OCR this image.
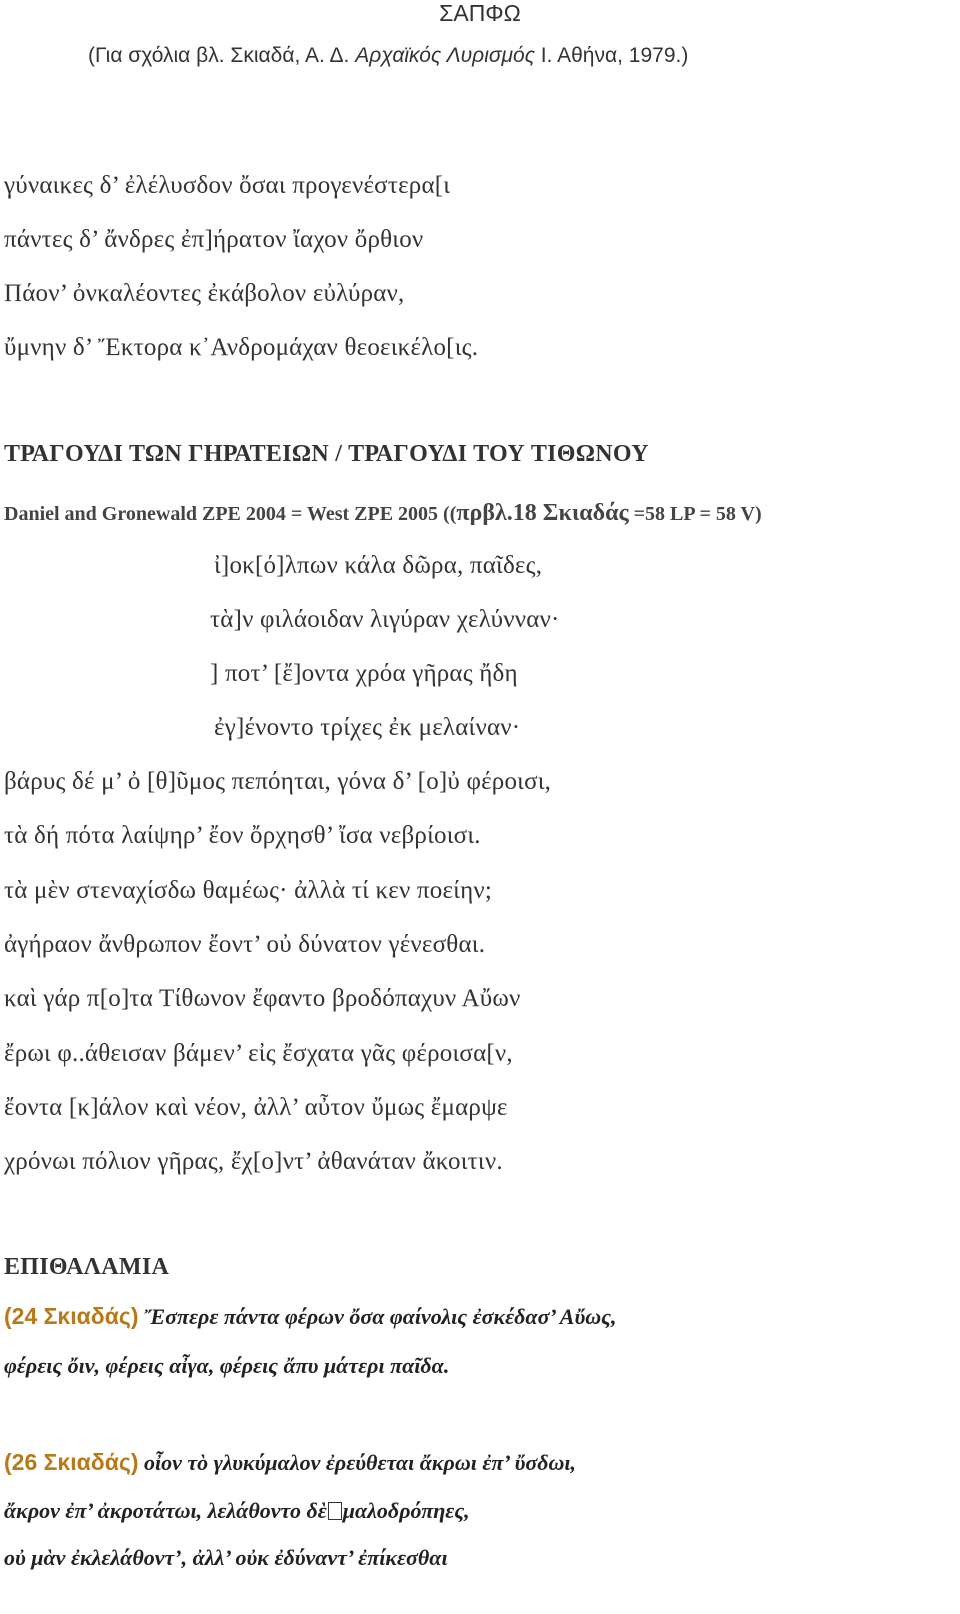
ΣΑΠΦΩ
(Για σχόλια βλ. Σκιαδά, Α. Δ. Αρχαϊκός Λυρισμός Ι. Αθήνα, 1979.)
γύναικες δ’ ἐλέλυσδον ὄσαι προγενέστερα[ι
πάντες δ’ ἄνδρες ἐπ]ήρατον ἴαχον ὄρθιον
Πάον’ ὀνκαλέοντες ἐκάβολον εὐλύραν,
ὔμνην δ’ Ἔκτορα κ᾿Ανδρομάχαν θεοεικέλο[ις.
ΤΡΑΓΟΥΔΙ ΤΩΝ ΓΗΡΑΤΕΙΩΝ / ΤΡΑΓΟΥΔΙ ΤΟΥ ΤΙΘΩΝΟΥ
Daniel and Gronewald ZPE 2004 = West ZPE 2005 ((πρβλ.18 Σκιαδάς =58 LP = 58 V)
ἰ]οκ[ό]λπων κάλα δῶρα, παῖδες,
τὰ]ν φιλάοιδαν λιγύραν χελύνναν·
] ποτ’ [ἔ]οντα χρόα γῆρας ἤδη
ἐγ]ένοντο τρίχες ἐκ μελαίναν·
βάρυς δέ μ’ ὀ [θ]ῦμος πεπόηται, γόνα δ’ [ο]ὐ φέροισι,
τὰ δή πότα λαίψηρ’ ἔον ὄρχησθ’ ἴσα νεβρίοισι.
τὰ μὲν στεναχίσδω θαμέως· ἀλλὰ τί κεν ποείην;
ἀγήραον ἄνθρωπον ἔοντ’ οὐ δύνατον γένεσθαι.
καὶ γάρ π[ο]τα Τίθωνον ἔφαντο βροδόπαχυν Αὔων
ἔρωι φ..άθεισαν βάμεν’ εἰς ἔσχατα γᾶς φέροισα[ν,
ἔοντα [κ]άλον καὶ νέον, ἀλλ’ αὖτον ὔμως ἔμαρψε
χρόνωι πόλιον γῆρας, ἔχ[ο]ντ’ ἀθανάταν ἄκοιτιν.
ΕΠΙΘΑΛΑΜΙΑ
(24 Σκιαδάς) Ἔσπερε πάντα φέρων ὄσα φαίνολις ἐσκέδασ’ Αὔως,
φέρεις ὄιν, φέρεις αἶγα, φέρεις ἄπυ μάτερι παῖδα.
(26 Σκιαδάς) οἶον τὸ γλυκύμαλον ἐρεύθεται ἄκρωι ἐπ’ ὔσδωι,
ἄκρον ἐπ’ ἀκροτάτωι, λελάθοντο δὲ μαλοδρόπηες,
οὐ μὰν ἐκλελάθοντ’, ἀλλ’ οὐκ ἐδύναντ’ ἐπίκεσθαι
